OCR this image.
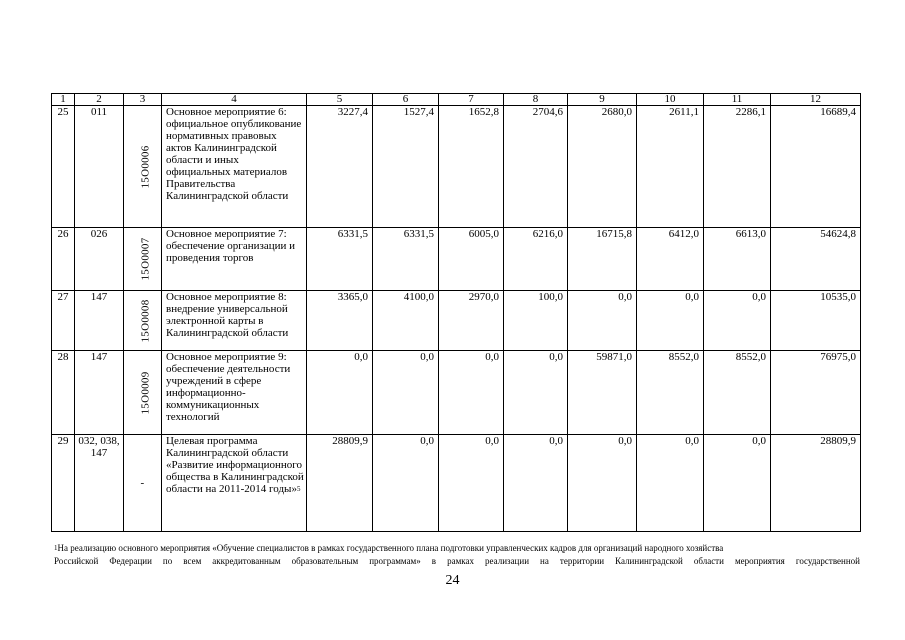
1	2	3	4	5	6	7	8	9	10	11	12
25	011	15О0006	Основное мероприятие 6: официальное опубликование нормативных правовых актов Калининградской области и иных официальных материалов Правительства Калининградской области	3227,4	1527,4	1652,8	2704,6	2680,0	2611,1	2286,1	16689,4
26	026	15О0007	Основное мероприятие 7: обеспечение организации и проведения торгов	6331,5	6331,5	6005,0	6216,0	16715,8	6412,0	6613,0	54624,8
27	147	15О0008	Основное мероприятие 8: внедрение универсальной электронной карты в Калининградской области	3365,0	4100,0	2970,0	100,0	0,0	0,0	0,0	10535,0
28	147	15О0009	Основное мероприятие 9: обеспечение деятельности учреждений в сфере информационно-коммуникационных технологий	0,0	0,0	0,0	0,0	59871,0	8552,0	8552,0	76975,0
29	032, 038, 147	-	Целевая программа Калининградской области «Развитие информационного общества в Калининградской области на 2011-2014 годы»$^5$	28809,9	0,0	0,0	0,0	0,0	0,0	0,0	28809,9
$^1$На реализацию основного мероприятия «Обучение специалистов в рамках государственного плана подготовки управленческих кадров для организаций народного хозяйства
Российской Федерации по всем аккредитованным образовательным программам» в рамках реализации на территории Калининградской области мероприятия государственной
24
